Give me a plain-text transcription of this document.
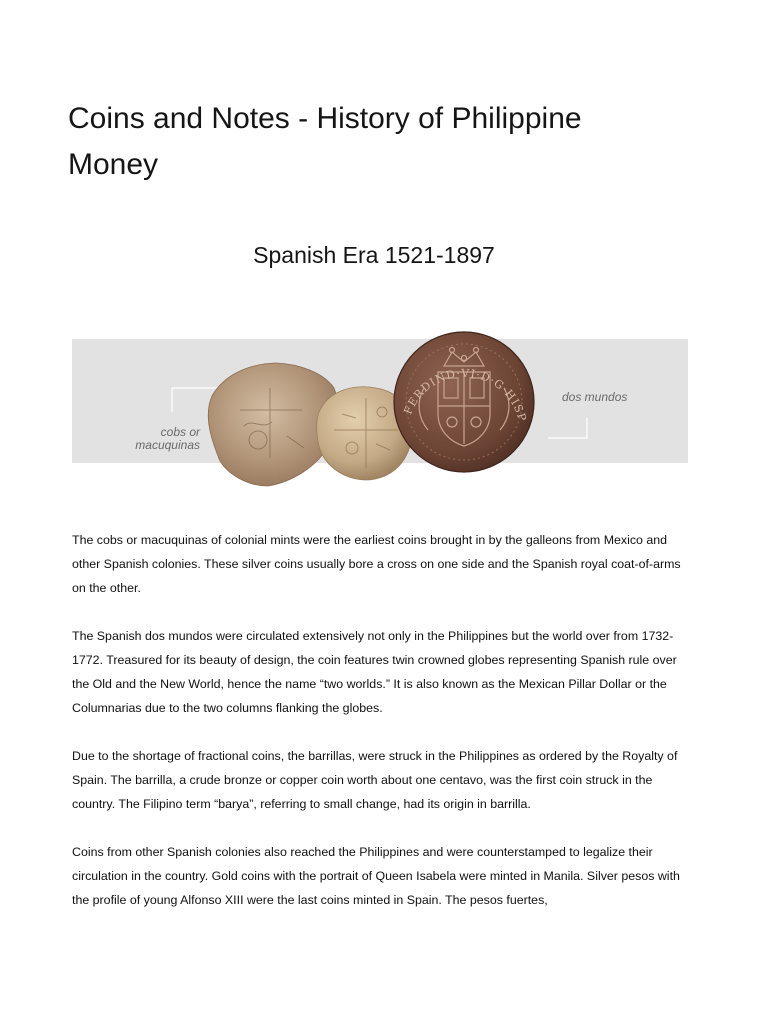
Coins and Notes - History of Philippine Money
Spanish Era 1521-1897
FERDIND·VI·D·G·HISPAN·ET·IND·R
cobs or
macuquinas
dos mundos

The cobs or macuquinas of colonial mints were the earliest coins brought in by the galleons from Mexico and other Spanish colonies. These silver coins usually bore a cross on one side and the Spanish royal coat-of-arms on the other.

The Spanish dos mundos were circulated extensively not only in the Philippines but the world over from 1732-1772. Treasured for its beauty of design, the coin features twin crowned globes representing Spanish rule over the Old and the New World, hence the name “two worlds.” It is also known as the Mexican Pillar Dollar or the Columnarias due to the two columns flanking the globes.

Due to the shortage of fractional coins, the barrillas, were struck in the Philippines as ordered by the Royalty of Spain. The barrilla, a crude bronze or copper coin worth about one centavo, was the first coin struck in the country. The Filipino term “barya”, referring to small change, had its origin in barrilla.

Coins from other Spanish colonies also reached the Philippines and were counterstamped to legalize their circulation in the country. Gold coins with the portrait of Queen Isabela were minted in Manila. Silver pesos with the profile of young Alfonso XIII were the last coins minted in Spain. The pesos fuertes,
